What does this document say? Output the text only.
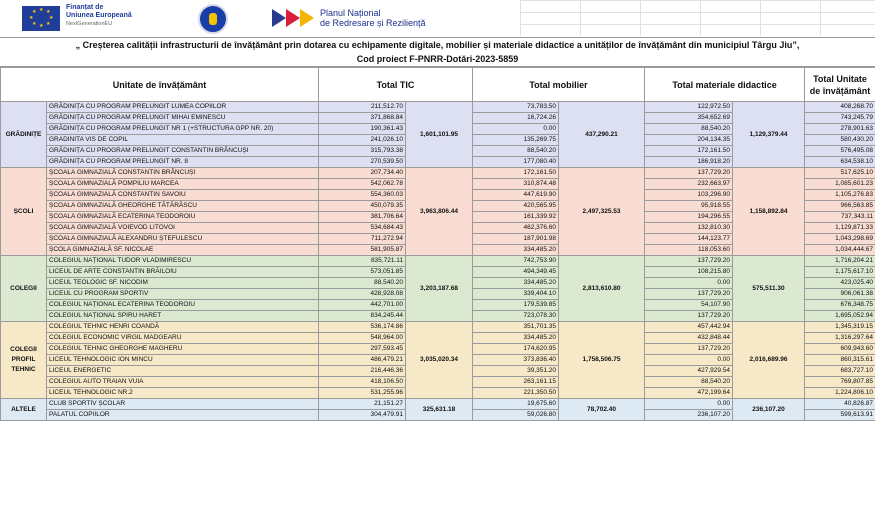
★ ★
★
★
★
★
★
★
Finanțat de
Uniunea Europeană
NextGenerationEU
Planul Național
de Redresare și Reziliență
„ Creșterea calității infrastructurii de învățământ prin dotarea cu echipamente digitale, mobilier și materiale didactice a unităților de învățământ din municipiul Târgu Jiu”,
Cod proiect F-PNRR-Dotări-2023-5859
Unitate de învățământ		Total TIC		Total mobilier		Total materiale didactice		Total Unitate de învățământ
GRĂDINIȚE	GRĂDINIȚA CU PROGRAM PRELUNGIT LUMEA COPIILOR	211,512.70	1,601,101.95	73,783.50	437,290.21	122,972.50	1,129,379.44	408,268.70
	GRĂDINIȚA CU PROGRAM PRELUNGIT MIHAI EMINESCU	371,868.84		16,724.26		354,652.69		743,245.79
	GRĂDINIȚA CU PROGRAM PRELUNGIT NR 1 (+STRUCTURA GPP NR. 20)	190,361.43		0.00		88,540.20		278,901.63
	GRADINITA VIS DE COPIL	241,026.10		135,269.75		204,134.35		580,430.20
	GRĂDINIȚA CU PROGRAM PRELUNGIT CONSTANTIN BRÂNCUȘI	315,793.38		88,540.20		172,161.50		576,495.08
	GRĂDINIȚA CU PROGRAM PRELUNGIT NR. 8	270,539.50		177,080.40		186,918.20		634,538.10
ȘCOLI	ȘCOALA GIMNAZIALĂ CONSTANTIN BRÂNCUȘI	207,734.40	3,963,806.44	172,161.50	2,497,325.53	137,729.20	1,158,892.84	517,625.10
	ȘCOALA GIMNAZIALĂ POMPILIU MARCEA	542,062.78		310,874.48		232,663.97		1,085,601.23
	ȘCOALA GIMNAZIALĂ CONSTANTIN SAVOIU	554,360.03		447,619.90		103,296.90		1,105,276.83
	ȘCOALA GIMNAZIALĂ GHEORGHE TĂTĂRĂSCU	450,079.35		420,565.95		95,918.55		966,563.85
	ȘCOALA GIMNAZIALĂ ECATERINA TEODOROIU	381,706.64		161,339.92		194,296.55		737,343.11
	ȘCOALA GIMNAZIALĂ VOIEVOD LITOVOI	534,684.43		462,376.60		132,810.30		1,129,871.33
	ȘCOALA GIMNAZIALĂ ALEXANDRU ȘTEFULESCU	711,272.94		187,901.98		144,123.77		1,043,298.69
	ȘCOLA GIMNAZIALĂ SF. NICOLAE	581,905.87		334,485.20		118,053.60		1,034,444.67
COLEGII	COLEGIUL NAȚIONAL TUDOR VLADIMIRESCU	835,721.11	3,203,187.68	742,753.90	2,813,610.80	137,729.20	575,511.30	1,716,204.21
	LICEUL DE ARTE CONSTANTIN BRĂILOIU	573,051.85		494,349.45		108,215.80		1,175,617.10
	LICEUL TEOLOGIC SF. NICODIM	88,540.20		334,485.20		0.00		423,025.40
	LICEUL CU PROGRAM SPORTIV	428,928.08		339,404.10		137,729.20		906,061.38
	COLEGIUL NAȚIONAL ECATERINA TEODOROIU	442,701.00		179,539.85		54,107.90		676,348.75
	COLEGIUL NAȚIONAL SPIRU HARET	834,245.44		723,078.30		137,729.20		1,695,052.94
COLEGII PROFIL TEHNIC	COLEGIUL TEHNIC HENRI COANDĂ	536,174.86	3,035,020.34	351,701.35	1,758,506.75	457,442.94	2,016,689.96	1,345,319.15
	COLEGIUL ECONOMIC VIRGIL MADGEARU	548,964.00		334,485.20		432,848.44		1,316,297.64
	COLEGIUL TEHNIC GHEORGHE MAGHERU	297,593.45		174,620.95		137,729.20		609,943.60
	LICEUL TEHNOLOGIC ION MINCU	486,479.21		373,836.40		0.00		860,315.61
	LICEUL ENERGETIC	216,446.36		39,351.20		427,929.54		683,727.10
	COLEGIUL AUTO TRAIAN VUIA	418,106.50		263,161.15		88,540.20		769,807.85
	LICEUL TEHNOLOGIC NR.2	531,255.96		221,350.50		472,199.64		1,224,806.10
ALTELE	CLUB SPORTIV ȘCOLAR	21,151.27	325,631.18	19,675.60	78,702.40	0.00	236,107.20	40,826.87
	PALATUL COPIILOR	304,479.91		59,026.80		236,107.20		599,613.91
